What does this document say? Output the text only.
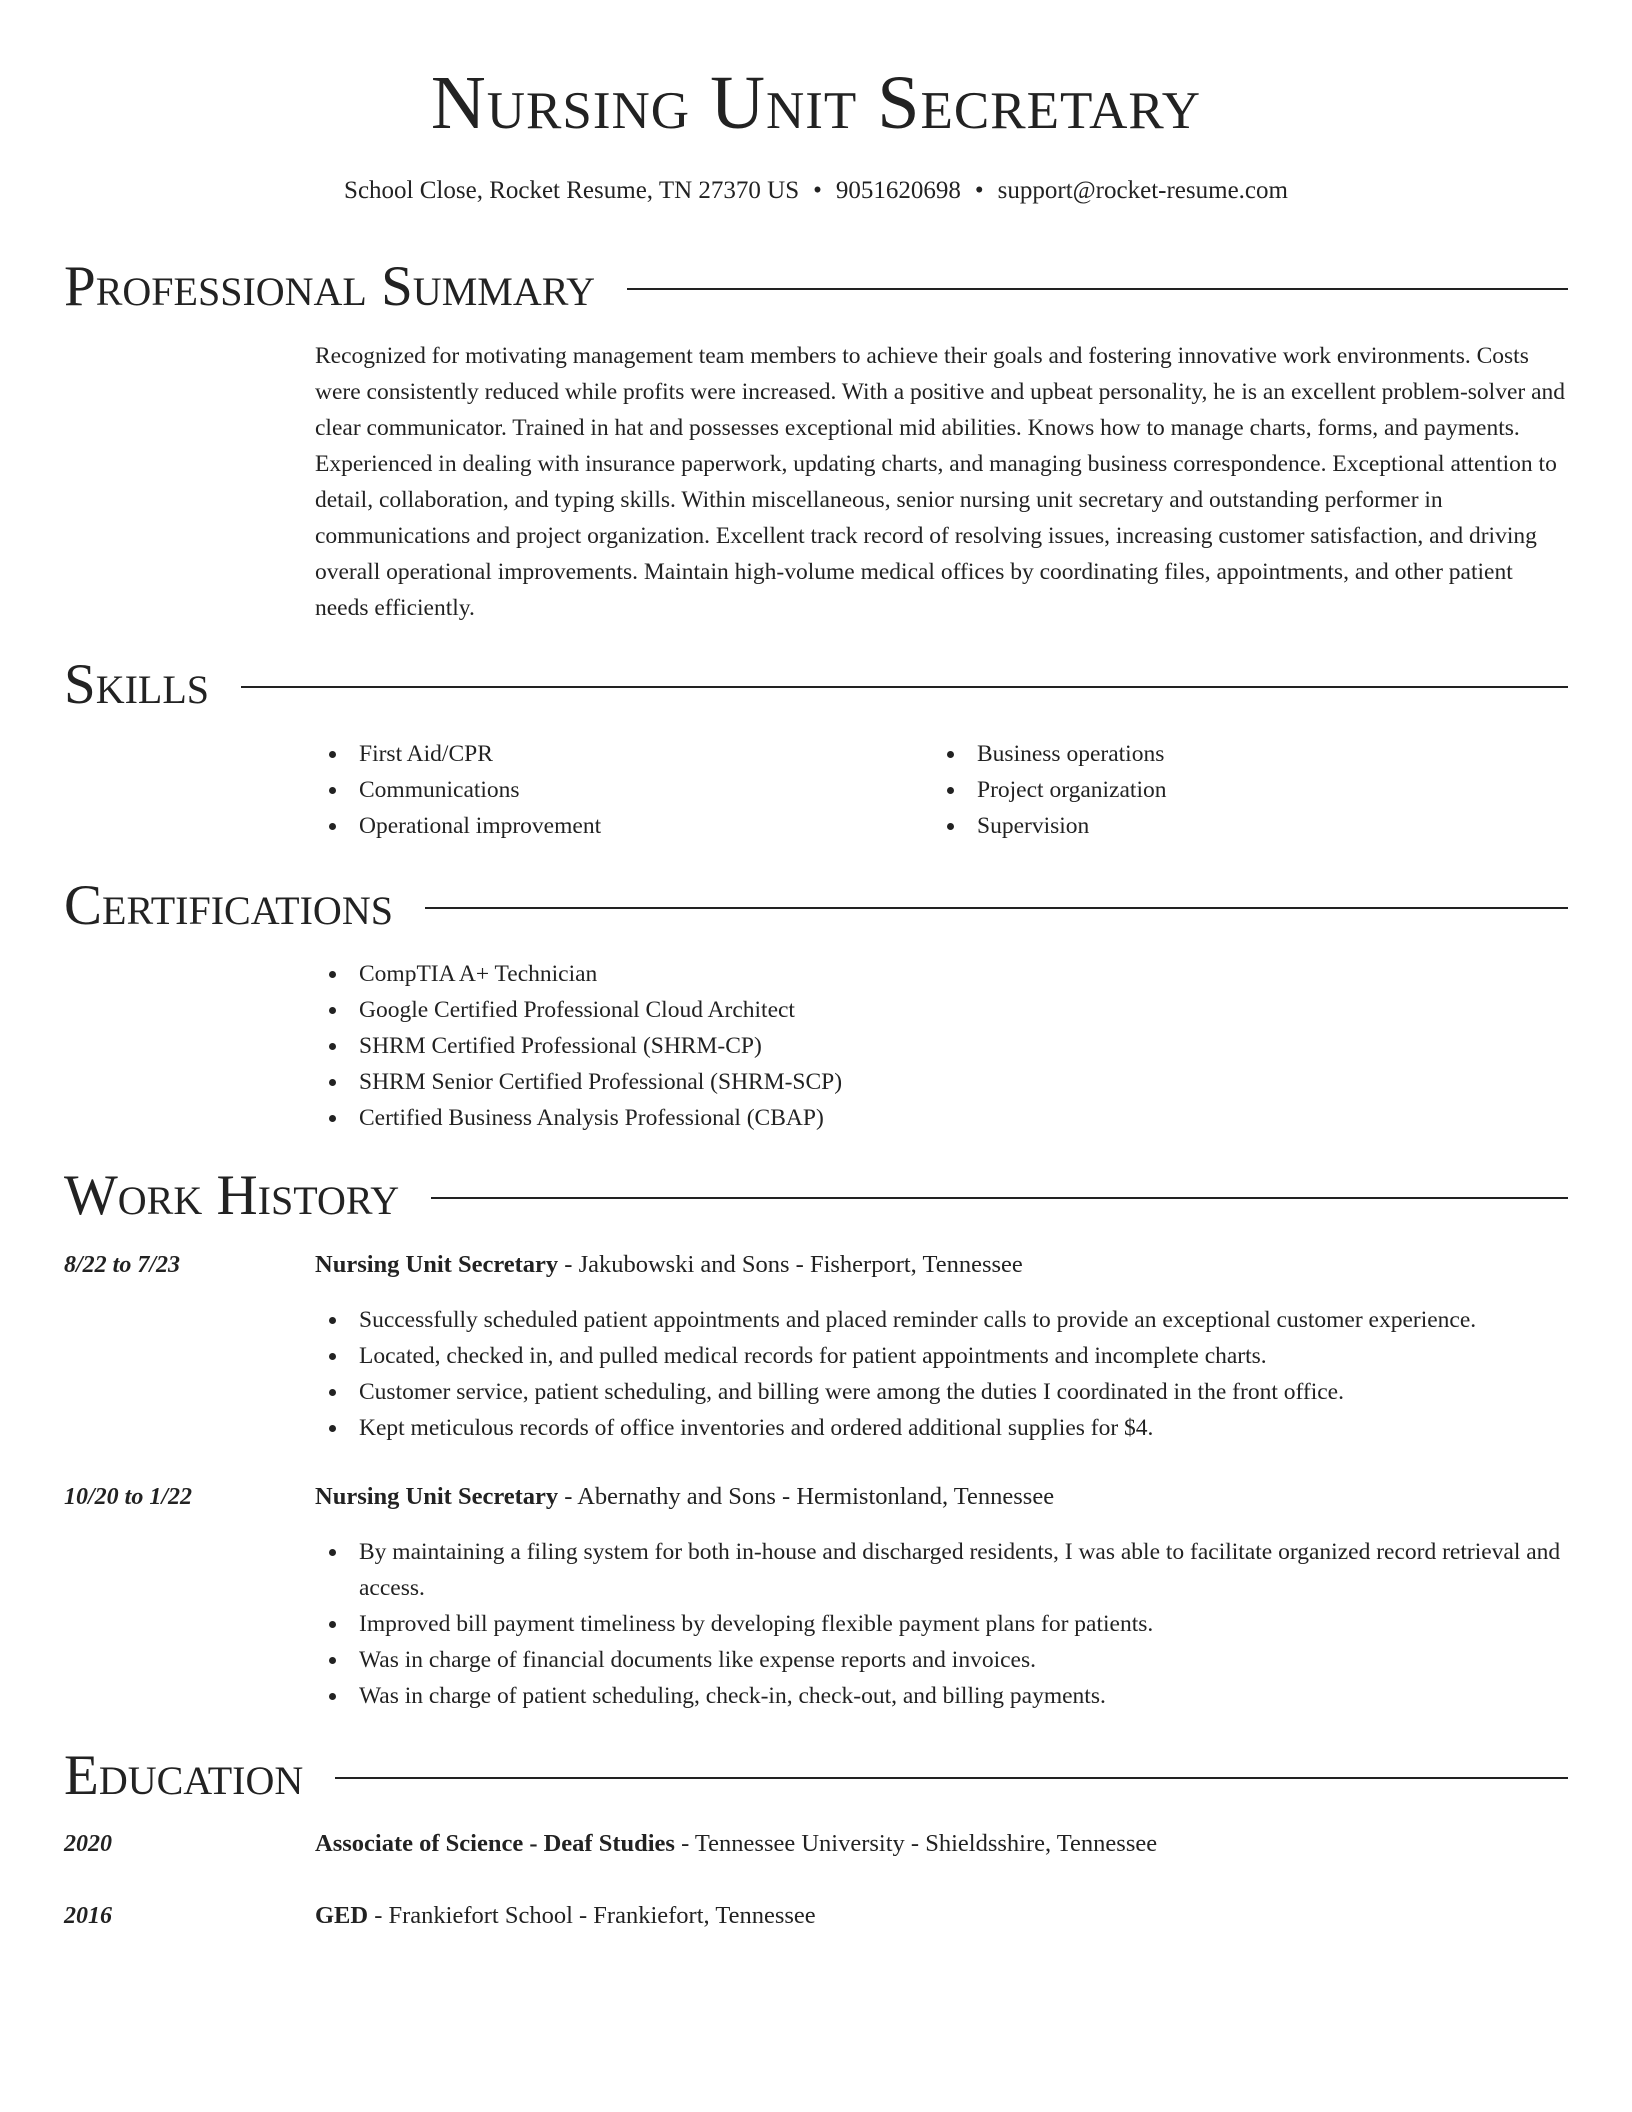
Nursing Unit Secretary
School Close, Rocket Resume, TN 27370 US • 9051620698 • support@rocket-resume.com
Professional Summary

Recognized for motivating management team members to achieve their goals and fostering innovative work environments. Costs were consistently reduced while profits were increased. With a positive and upbeat personality, he is an excellent problem-solver and clear communicator. Trained in hat and possesses exceptional mid abilities. Knows how to manage charts, forms, and payments. Experienced in dealing with insurance paperwork, updating charts, and managing business correspondence. Exceptional attention to detail, collaboration, and typing skills. Within miscellaneous, senior nursing unit secretary and outstanding performer in communications and project organization. Excellent track record of resolving issues, increasing customer satisfaction, and driving overall operational improvements. Maintain high-volume medical offices by coordinating files, appointments, and other patient needs efficiently.

Skills
First Aid/CPR
Communications
Operational improvement
Business operations
Project organization
Supervision
Certifications
CompTIA A+ Technician
Google Certified Professional Cloud Architect
SHRM Certified Professional (SHRM-CP)
SHRM Senior Certified Professional (SHRM-SCP)
Certified Business Analysis Professional (CBAP)
Work History
8/22 to 7/23	Nursing Unit Secretary - Jakubowski and Sons - Fisherport, Tennessee
Successfully scheduled patient appointments and placed reminder calls to provide an exceptional customer experience.
Located, checked in, and pulled medical records for patient appointments and incomplete charts.
Customer service, patient scheduling, and billing were among the duties I coordinated in the front office.
Kept meticulous records of office inventories and ordered additional supplies for $4.
10/20 to 1/22	Nursing Unit Secretary - Abernathy and Sons - Hermistonland, Tennessee
By maintaining a filing system for both in-house and discharged residents, I was able to facilitate organized record retrieval and access.
Improved bill payment timeliness by developing flexible payment plans for patients.
Was in charge of financial documents like expense reports and invoices.
Was in charge of patient scheduling, check-in, check-out, and billing payments.
Education
2020	Associate of Science - Deaf Studies - Tennessee University - Shieldsshire, Tennessee
2016	GED - Frankiefort School - Frankiefort, Tennessee
